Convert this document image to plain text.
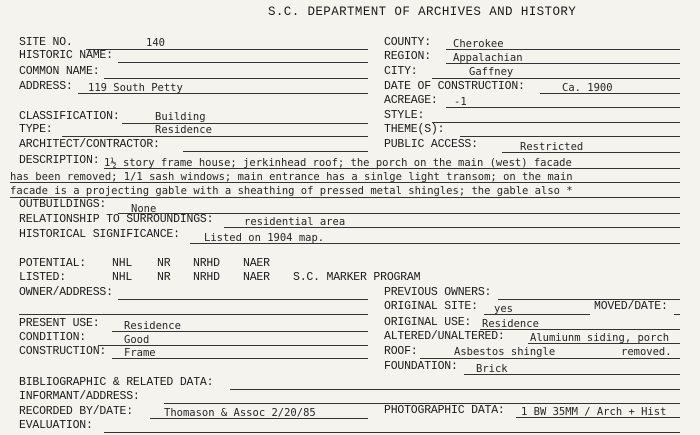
S.C. DEPARTMENT OF ARCHIVES AND HISTORY
SITE NO.	140
HISTORIC NAME:
COMMON NAME:
ADDRESS: 119 South Petty
CLASSIFICATION:	Building
TYPE:	Residence
ARCHITECT/CONTRACTOR:
COUNTY: Cherokee
REGION: Appalachian
CITY:	Gaffney
DATE OF CONSTRUCTION:	Ca. 1900
ACREAGE: -1
STYLE:
THEME(S):
PUBLIC ACCESS:	Restricted
DESCRIPTION: 1½ story frame house; jerkinhead roof; the porch on the main (west) facade
has been removed; 1/1 sash windows; main entrance has a sinlge light transom; on the main
facade is a projecting gable with a sheathing of pressed metal shingles; the gable also *
OUTBUILDINGS: None
RELATIONSHIP TO SURROUNDINGS:	residential area
HISTORICAL SIGNIFICANCE: Listed on 1904 map.
POTENTIAL: NHL NR NRHD NAER
LISTED:	NHL NR NRHD NAER S.C. MARKER PROGRAM
OWNER/ADDRESS:	PREVIOUS OWNERS:
ORIGINAL SITE: yes	MOVED/DATE:
PRESENT USE: Residence	ORIGINAL USE: Residence
CONDITION:	Good	ALTERED/UNALTERED: Alumiunm siding, porch
CONSTRUCTION: Frame	ROOF:	Asbestos shingle	removed.
FOUNDATION: Brick
BIBLIOGRAPHIC & RELATED DATA:
INFORMANT/ADDRESS:
RECORDED BY/DATE:	Thomason & Assoc 2/20/85	PHOTOGRAPHIC DATA: 1 BW 35MM / Arch + Hist
EVALUATION:
